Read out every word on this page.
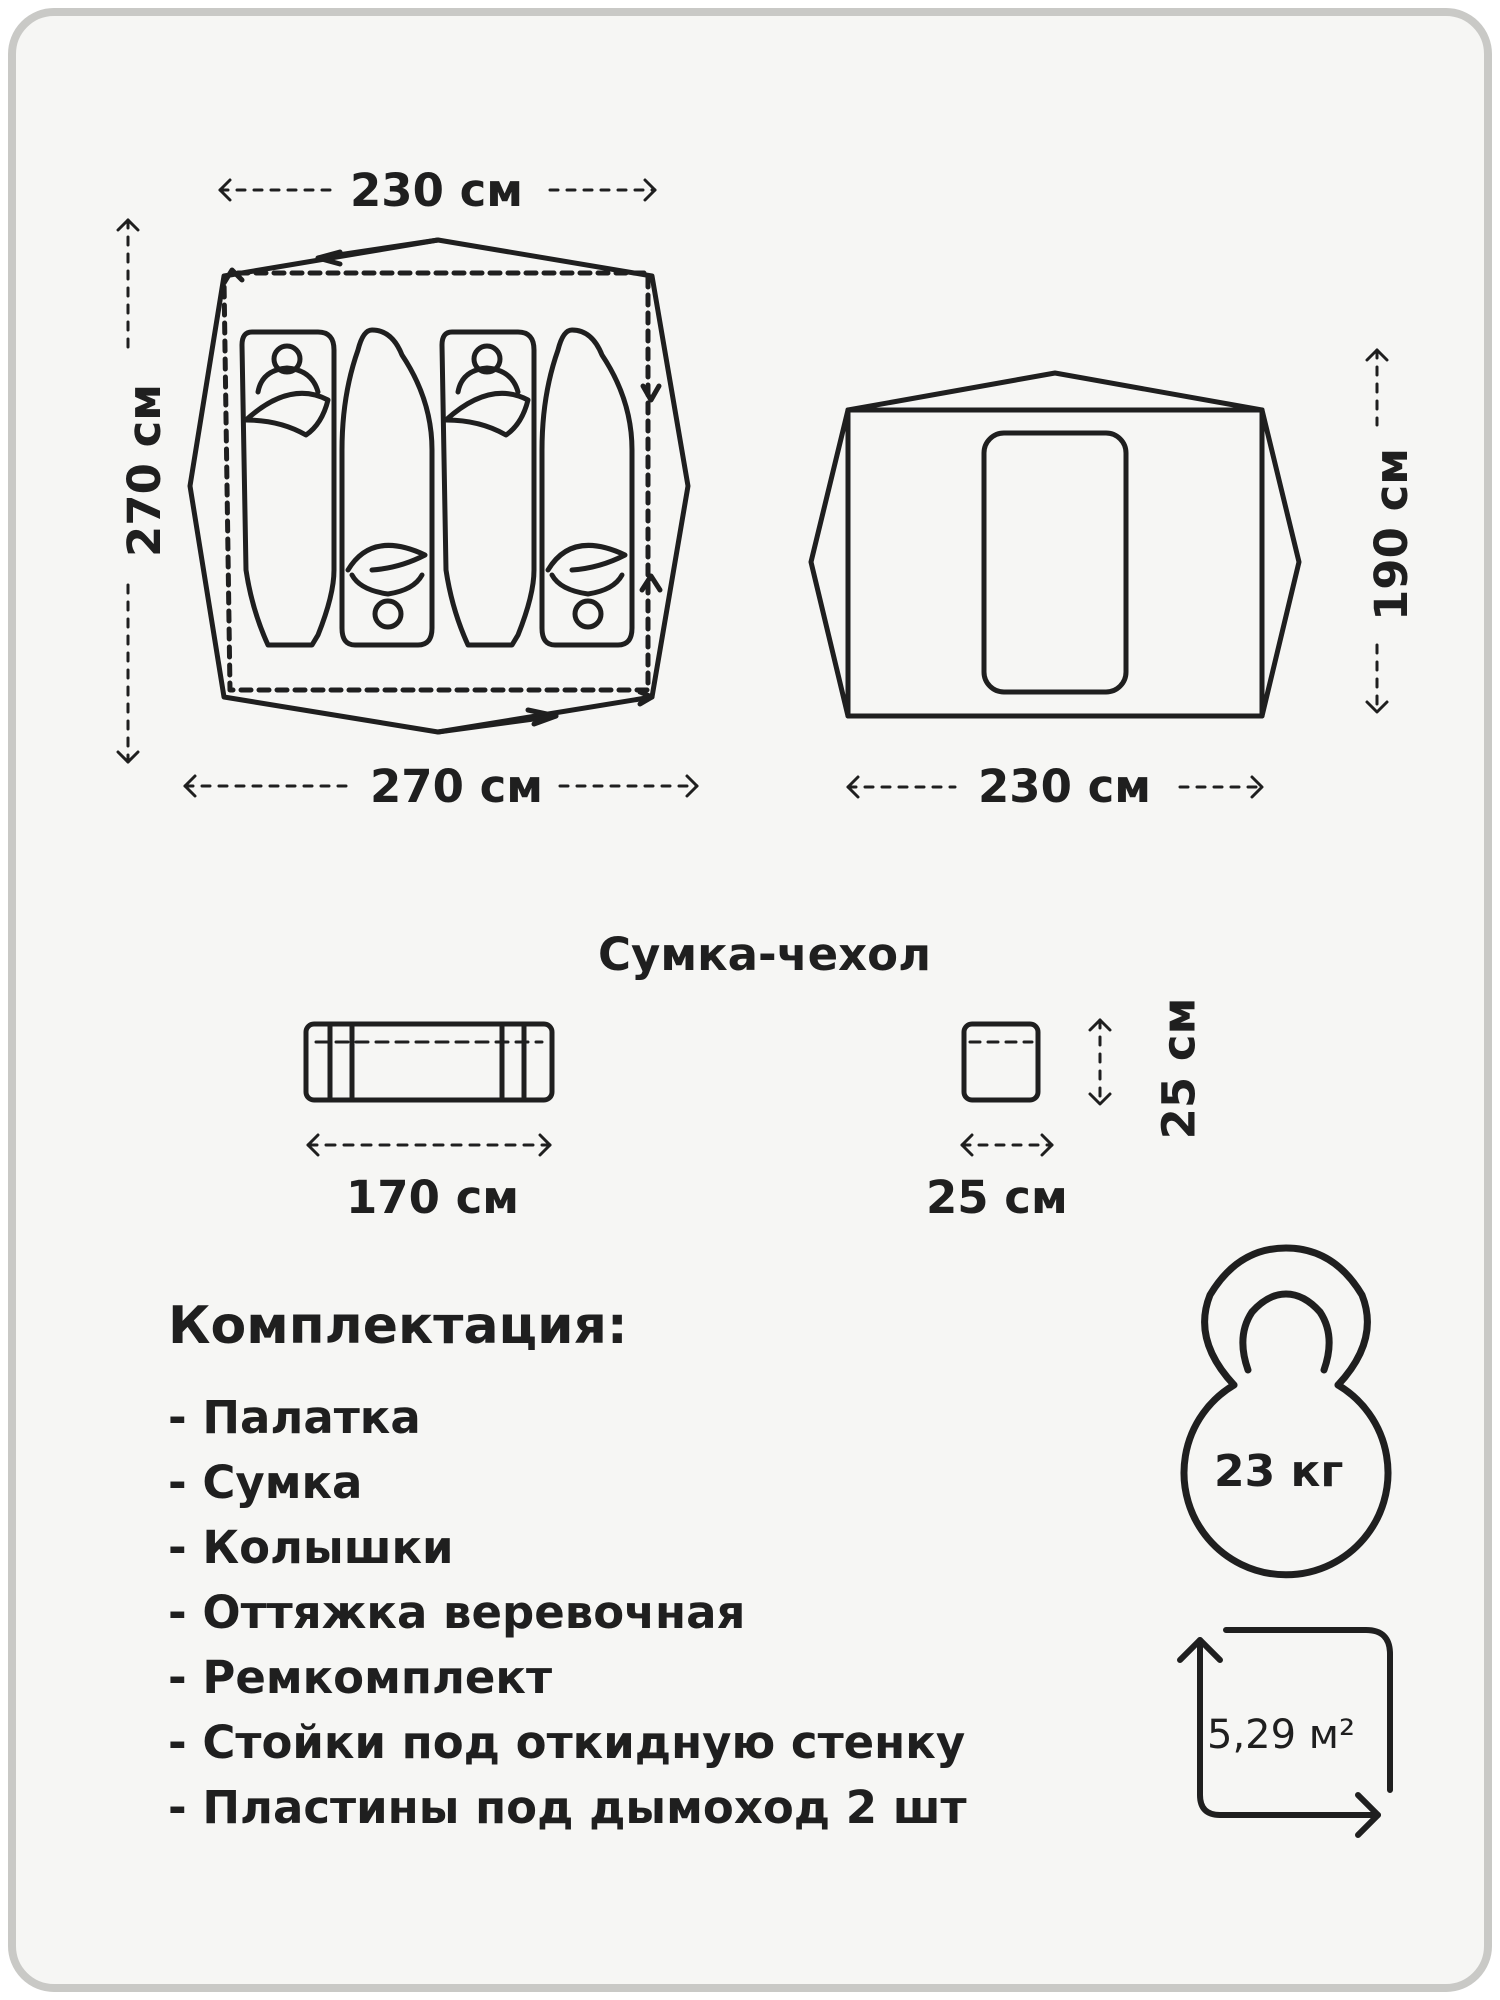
230 см
270 см
270 см
230 см
190 см
Сумка-чехол
170 см	25 см
25 см
Комплектация:
- Палатка
- Сумка
- Колышки
- Оттяжка веревочная
- Ремкомплект
- Стойки под откидную стенку
- Пластины под дымоход 2 шт
23 кг
5,29 м²
